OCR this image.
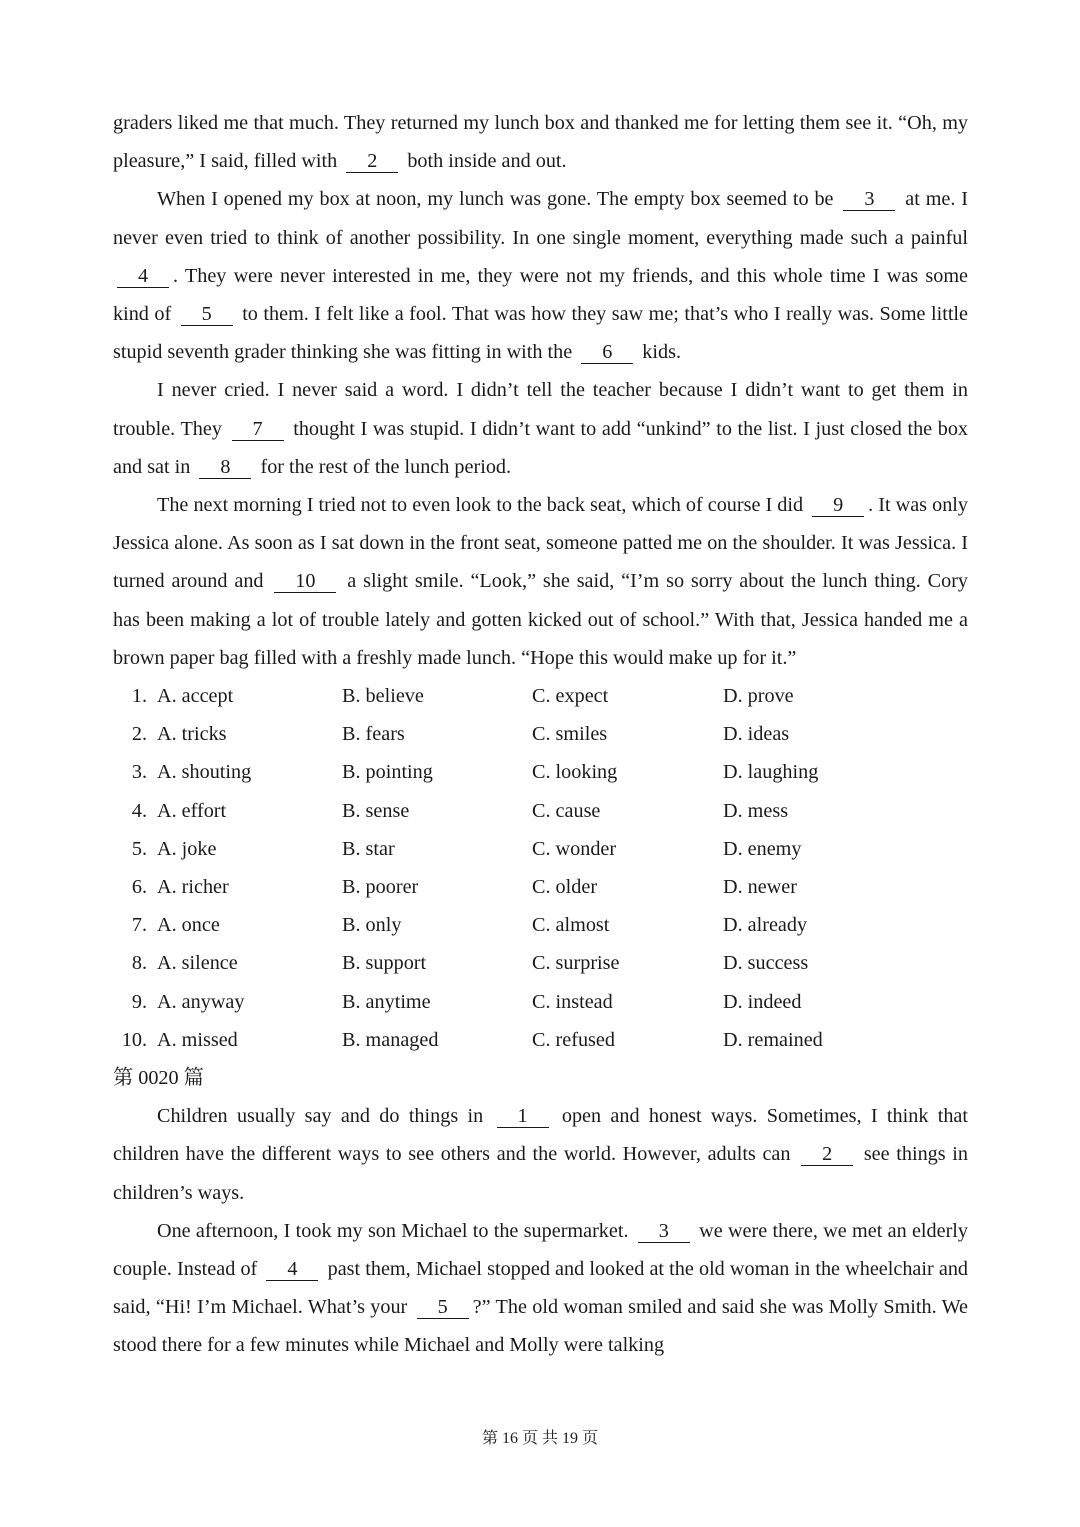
graders liked me that much. They returned my lunch box and thanked me for letting them see it. “Oh, my pleasure,” I said, filled with 2 both inside and out.

When I opened my box at noon, my lunch was gone. The empty box seemed to be 3 at me. I never even tried to think of another possibility. In one single moment, everything made such a painful 4 . They were never interested in me, they were not my friends, and this whole time I was some kind of 5 to them. I felt like a fool. That was how they saw me; that’s who I really was. Some little stupid seventh grader thinking she was fitting in with the 6 kids.

I never cried. I never said a word. I didn’t tell the teacher because I didn’t want to get them in trouble. They 7 thought I was stupid. I didn’t want to add “unkind” to the list. I just closed the box and sat in 8 for the rest of the lunch period.

The next morning I tried not to even look to the back seat, which of course I did 9 . It was only Jessica alone. As soon as I sat down in the front seat, someone patted me on the shoulder. It was Jessica. I turned around and 10 a slight smile. “Look,” she said, “I’m so sorry about the lunch thing. Cory has been making a lot of trouble lately and gotten kicked out of school.” With that, Jessica handed me a brown paper bag filled with a freshly made lunch. “Hope this would make up for it.”

1. A. accept	B. believe	C. expect	D. prove
2. A. tricks	B. fears	C. smiles	D. ideas
3. A. shouting	B. pointing	C. looking	D. laughing
4. A. effort	B. sense	C. cause	D. mess
5. A. joke	B. star	C. wonder	D. enemy
6. A. richer	B. poorer	C. older	D. newer
7. A. once	B. only	C. almost	D. already
8. A. silence	B. support	C. surprise	D. success
9. A. anyway	B. anytime	C. instead	D. indeed
10. A. missed	B. managed	C. refused	D. remained

第 0020 篇

Children usually say and do things in 1 open and honest ways. Sometimes, I think that children have the different ways to see others and the world. However, adults can 2 see things in children’s ways.

One afternoon, I took my son Michael to the supermarket. 3 we were there, we met an elderly couple. Instead of 4 past them, Michael stopped and looked at the old woman in the wheelchair and said, “Hi! I’m Michael. What’s your 5 ?” The old woman smiled and said she was Molly Smith. We stood there for a few minutes while Michael and Molly were talking

第 16 页 共 19 页
